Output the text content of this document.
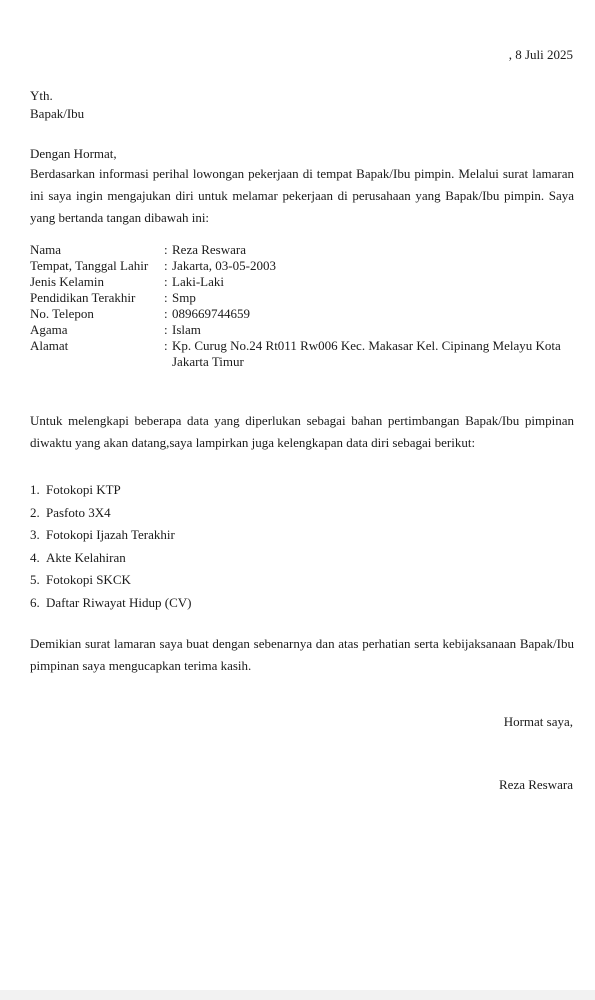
, 8 Juli 2025
Yth.
Bapak/Ibu
Dengan Hormat,
Berdasarkan informasi perihal lowongan pekerjaan di tempat Bapak/Ibu pimpin. Melalui surat lamaran ini saya ingin mengajukan diri untuk melamar pekerjaan di perusahaan yang Bapak/Ibu pimpin. Saya yang bertanda tangan dibawah ini:
Nama	: Reza Reswara
Tempat, Tanggal Lahir	: Jakarta, 03-05-2003
Jenis Kelamin	: Laki-Laki
Pendidikan Terakhir	: Smp
No. Telepon	: 089669744659
Agama	: Islam
Alamat	: Kp. Curug No.24 Rt011 Rw006 Kec. Makasar Kel. Cipinang Melayu Kota Jakarta Timur
Untuk melengkapi beberapa data yang diperlukan sebagai bahan pertimbangan Bapak/Ibu pimpinan diwaktu yang akan datang,saya lampirkan juga kelengkapan data diri sebagai berikut:
1. Fotokopi KTP
2. Pasfoto 3X4
3. Fotokopi Ijazah Terakhir
4. Akte Kelahiran
5. Fotokopi SKCK
6. Daftar Riwayat Hidup (CV)
Demikian surat lamaran saya buat dengan sebenarnya dan atas perhatian serta kebijaksanaan Bapak/Ibu pimpinan saya mengucapkan terima kasih.
Hormat saya,
Reza Reswara
